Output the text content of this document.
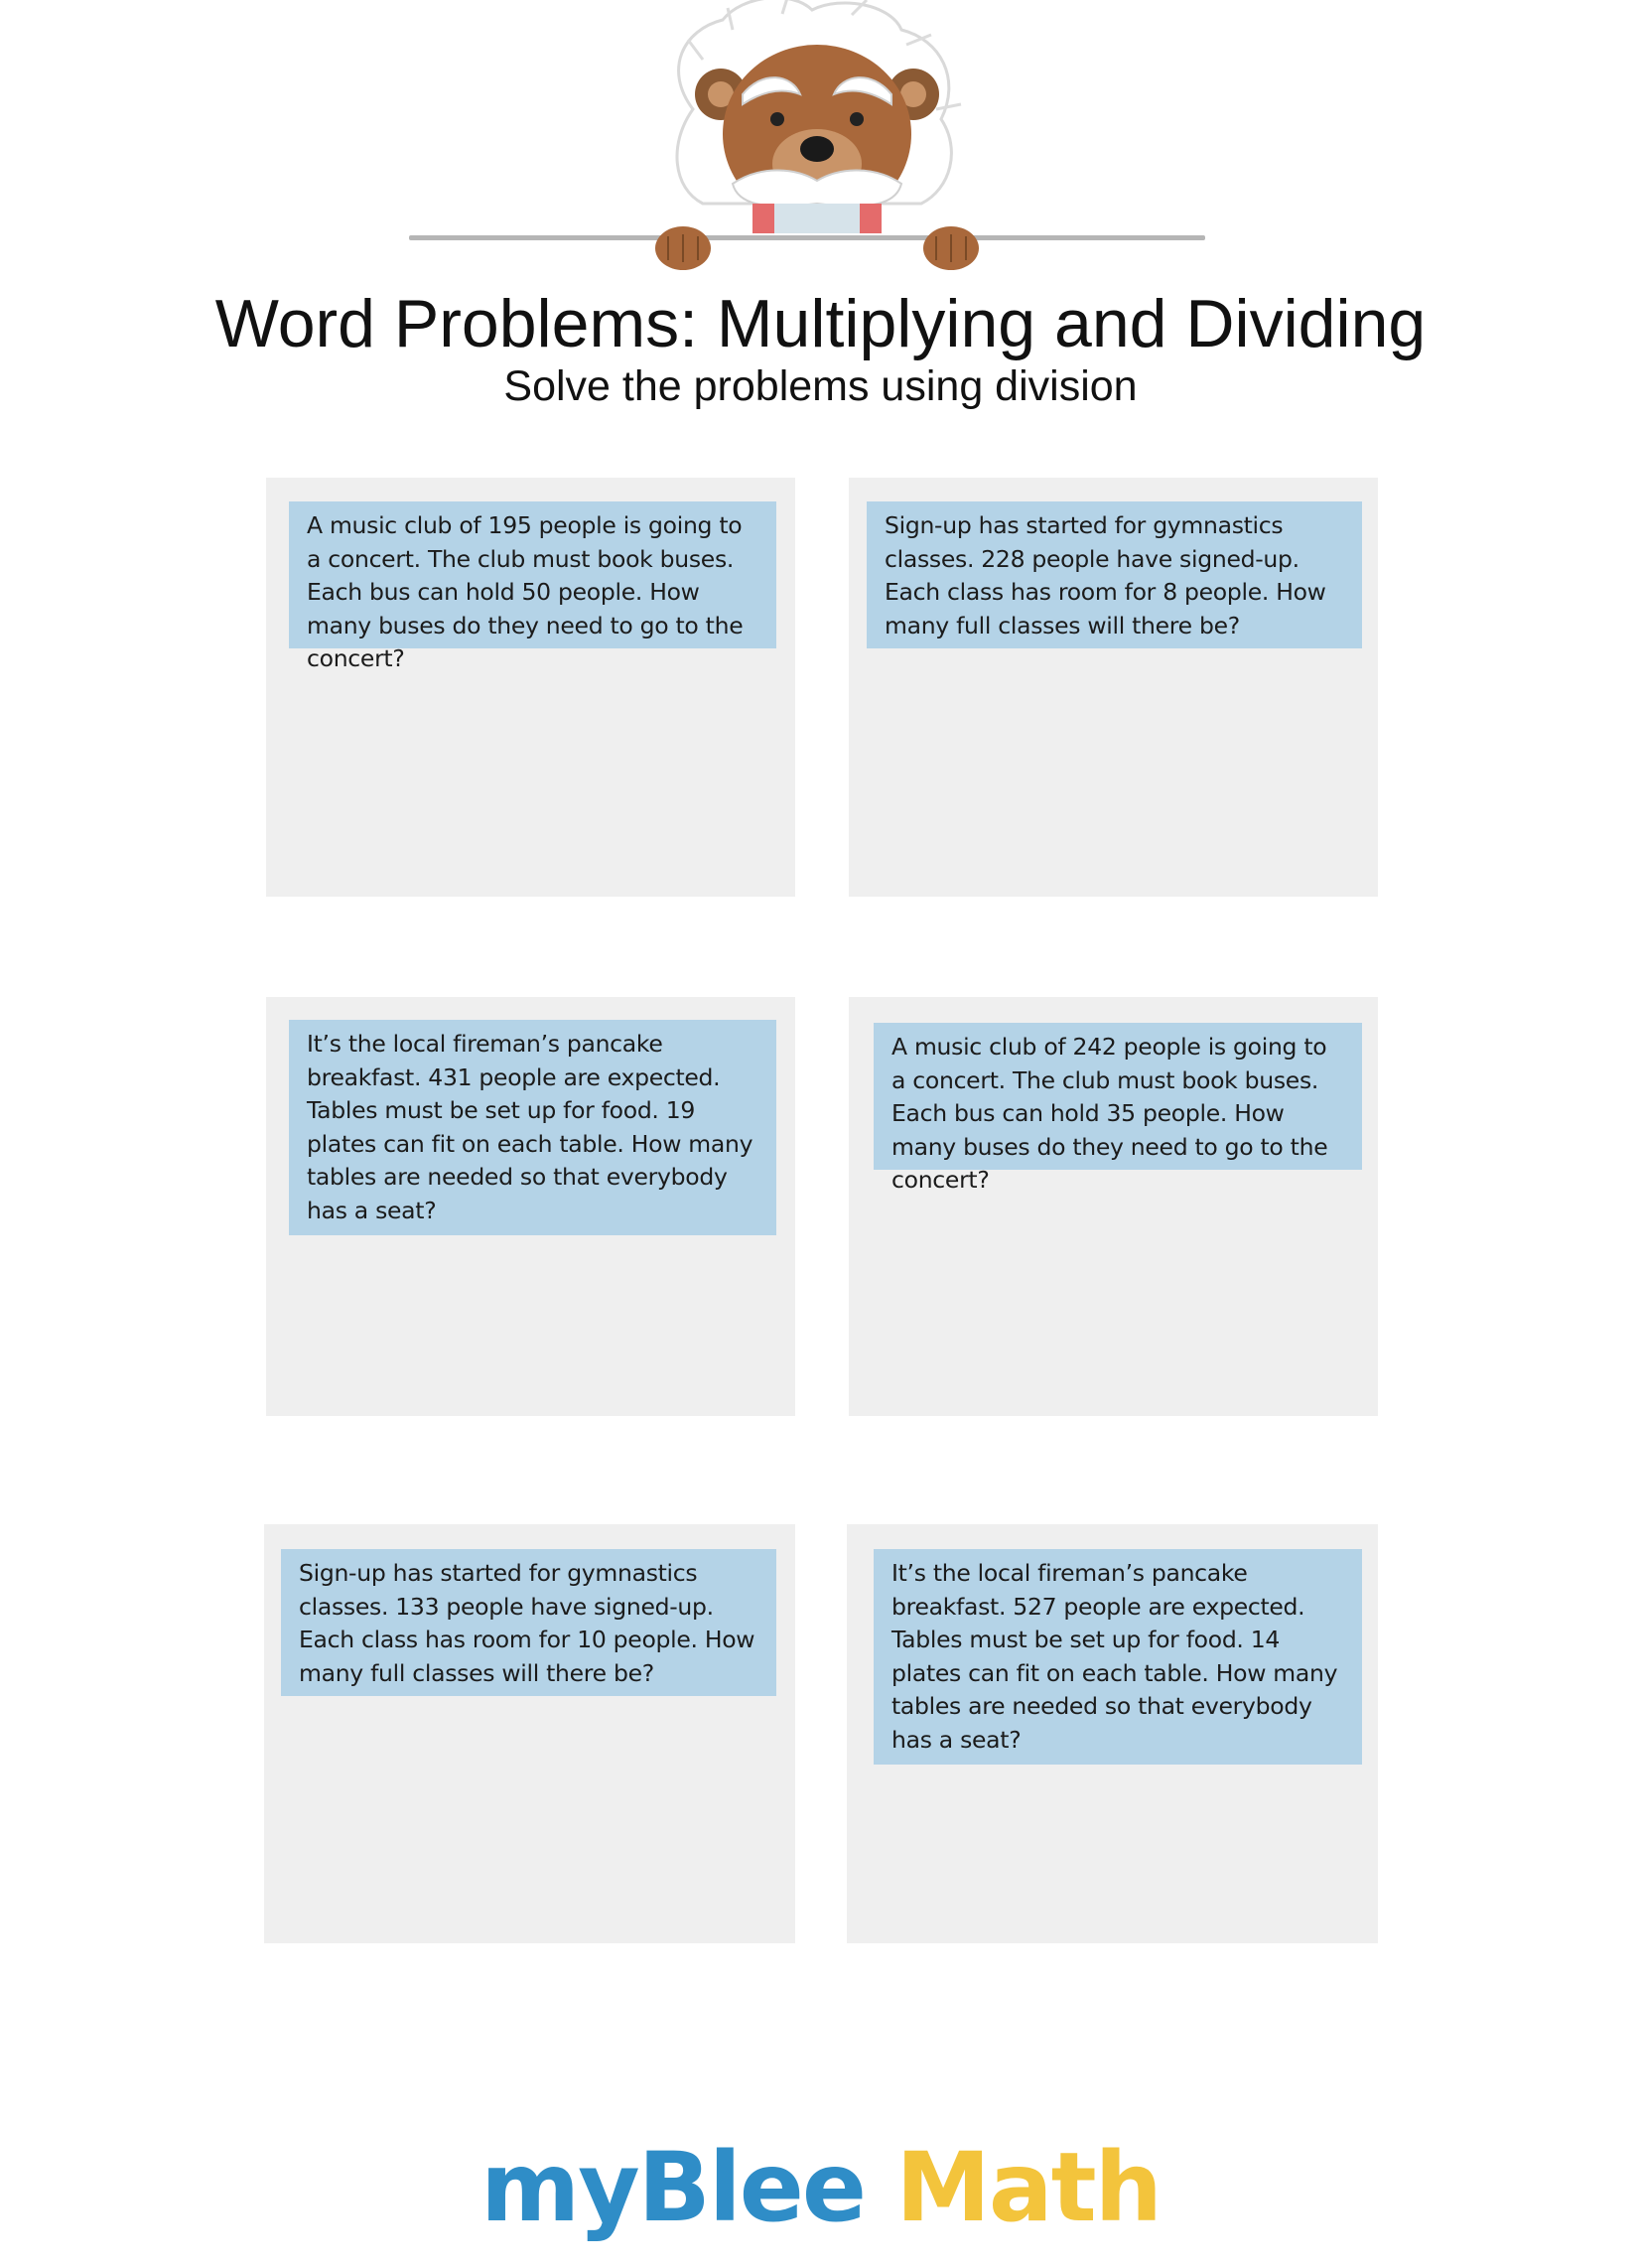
Word Problems: Multiplying and Dividing
Solve the problems using division
A music club of 195 people is going to a concert. The club must book buses. Each bus can hold 50 people. How many buses do they need to go to the concert?
Sign-up has started for gymnastics classes. 228 people have signed-up. Each class has room for 8 people. How many full classes will there be?
It’s the local fireman’s pancake breakfast. 431 people are expected. Tables must be set up for food. 19 plates can fit on each table. How many tables are needed so that everybody has a seat?
A music club of 242 people is going to a concert. The club must book buses. Each bus can hold 35 people. How many buses do they need to go to the concert?
Sign-up has started for gymnastics classes. 133 people have signed-up. Each class has room for 10 people. How many full classes will there be?
It’s the local fireman’s pancake breakfast. 527 people are expected. Tables must be set up for food. 14 plates can fit on each table. How many tables are needed so that everybody has a seat?
myBlee Math
